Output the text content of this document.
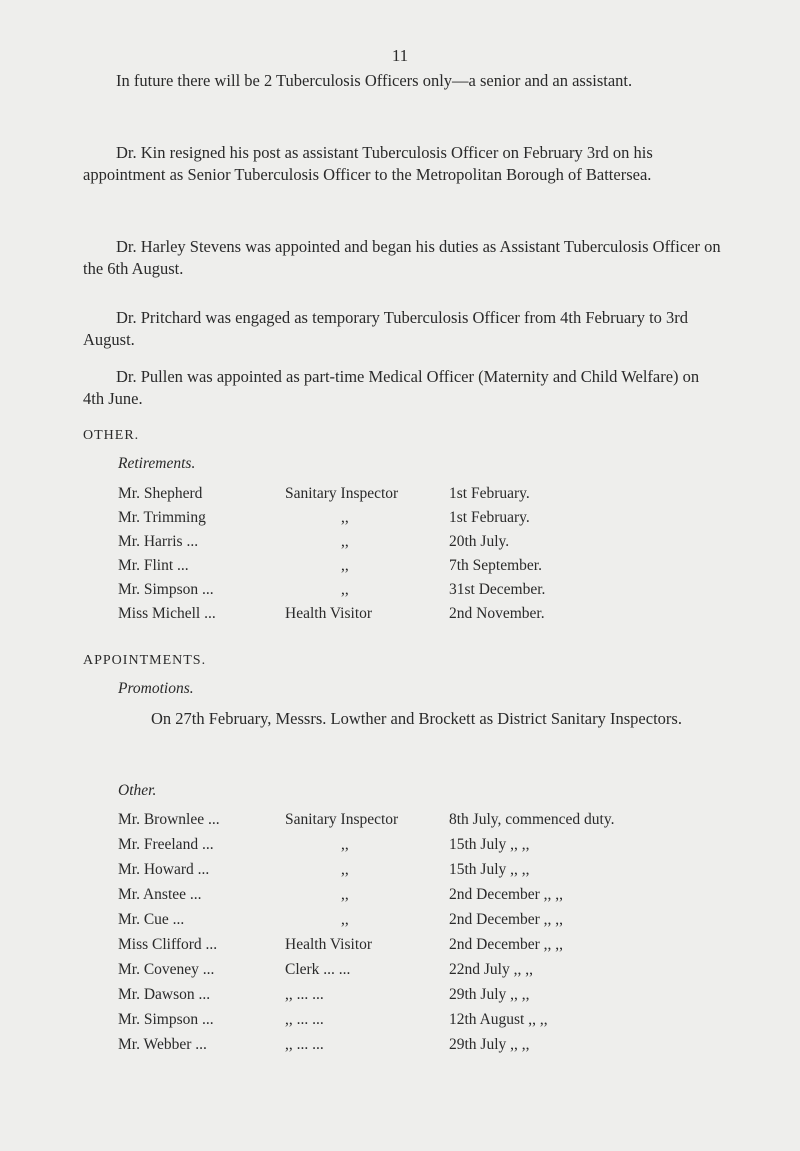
11

In future there will be 2 Tuberculosis Officers only—a senior and an assistant.

Dr. Kin resigned his post as assistant Tuberculosis Officer on February 3rd on his appointment as Senior Tuberculosis Officer to the Metropolitan Borough of Battersea.

Dr. Harley Stevens was appointed and began his duties as Assistant Tuberculosis Officer on the 6th August.

Dr. Pritchard was engaged as temporary Tuberculosis Officer from 4th February to 3rd August.

Dr. Pullen was appointed as part-time Medical Officer (Maternity and Child Welfare) on 4th June.

OTHER.
Retirements.
Mr. Shepherd	Sanitary Inspector	1st February.
Mr. Trimming	,,	1st February.
Mr. Harris ...	,,	20th July.
Mr. Flint ...	,,	7th September.
Mr. Simpson ...	,,	31st December.
Miss Michell ...	Health Visitor	2nd November.
APPOINTMENTS.
Promotions.

On 27th February, Messrs. Lowther and Brockett as District Sanitary Inspectors.

Other.
Mr. Brownlee ...	Sanitary Inspector	8th July, commenced duty.
Mr. Freeland ...	,,	15th July ,, ,,
Mr. Howard ...	,,	15th July ,, ,,
Mr. Anstee ...	,,	2nd December ,, ,,
Mr. Cue ...	,,	2nd December ,, ,,
Miss Clifford ...	Health Visitor	2nd December ,, ,,
Mr. Coveney ...	Clerk ... ...	22nd July ,, ,,
Mr. Dawson ...	,, ... ...	29th July ,, ,,
Mr. Simpson ...	,, ... ...	12th August ,, ,,
Mr. Webber ...	,, ... ...	29th July ,, ,,
